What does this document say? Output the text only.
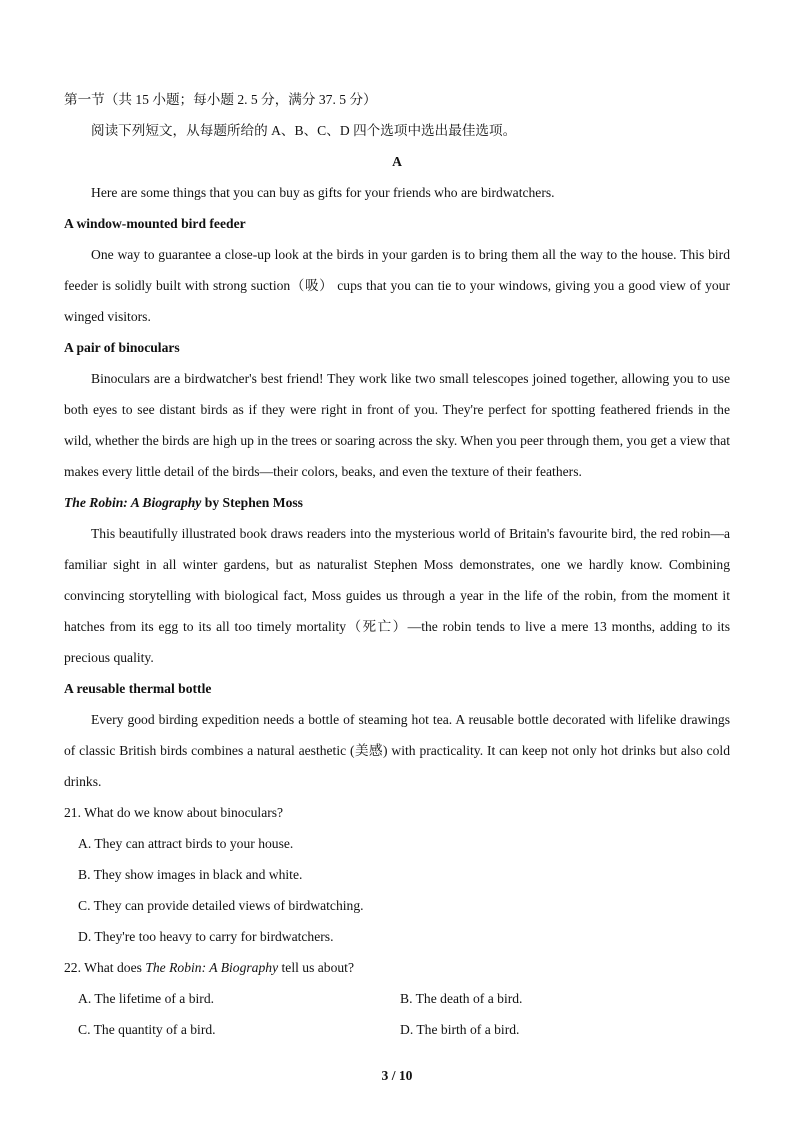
第一节（共 15 小题；每小题 2. 5 分，满分 37. 5 分）

阅读下列短文，从每题所给的 A、B、C、D 四个选项中选出最佳选项。

A

Here are some things that you can buy as gifts for your friends who are birdwatchers.

A window-mounted bird feeder

One way to guarantee a close-up look at the birds in your garden is to bring them all the way to the house. This bird feeder is solidly built with strong suction（吸） cups that you can tie to your windows, giving you a good view of your winged visitors.

A pair of binoculars

Binoculars are a birdwatcher's best friend! They work like two small telescopes joined together, allowing you to use both eyes to see distant birds as if they were right in front of you. They're perfect for spotting feathered friends in the wild, whether the birds are high up in the trees or soaring across the sky. When you peer through them, you get a view that makes every little detail of the birds—their colors, beaks, and even the texture of their feathers.

The Robin: A Biography by Stephen Moss

This beautifully illustrated book draws readers into the mysterious world of Britain's favourite bird, the red robin—a familiar sight in all winter gardens, but as naturalist Stephen Moss demonstrates, one we hardly know. Combining convincing storytelling with biological fact, Moss guides us through a year in the life of the robin, from the moment it hatches from its egg to its all too timely mortality（死亡）—the robin tends to live a mere 13 months, adding to its precious quality.

A reusable thermal bottle

Every good birding expedition needs a bottle of steaming hot tea. A reusable bottle decorated with lifelike drawings of classic British birds combines a natural aesthetic (美感) with practicality. It can keep not only hot drinks but also cold drinks.

21. What do we know about binoculars?

A. They can attract birds to your house.

B. They show images in black and white.

C. They can provide detailed views of birdwatching.

D. They're too heavy to carry for birdwatchers.

22. What does The Robin: A Biography tell us about?

A. The lifetime of a bird.	B. The death of a bird.
C. The quantity of a bird.	D. The birth of a bird.
3 / 10
